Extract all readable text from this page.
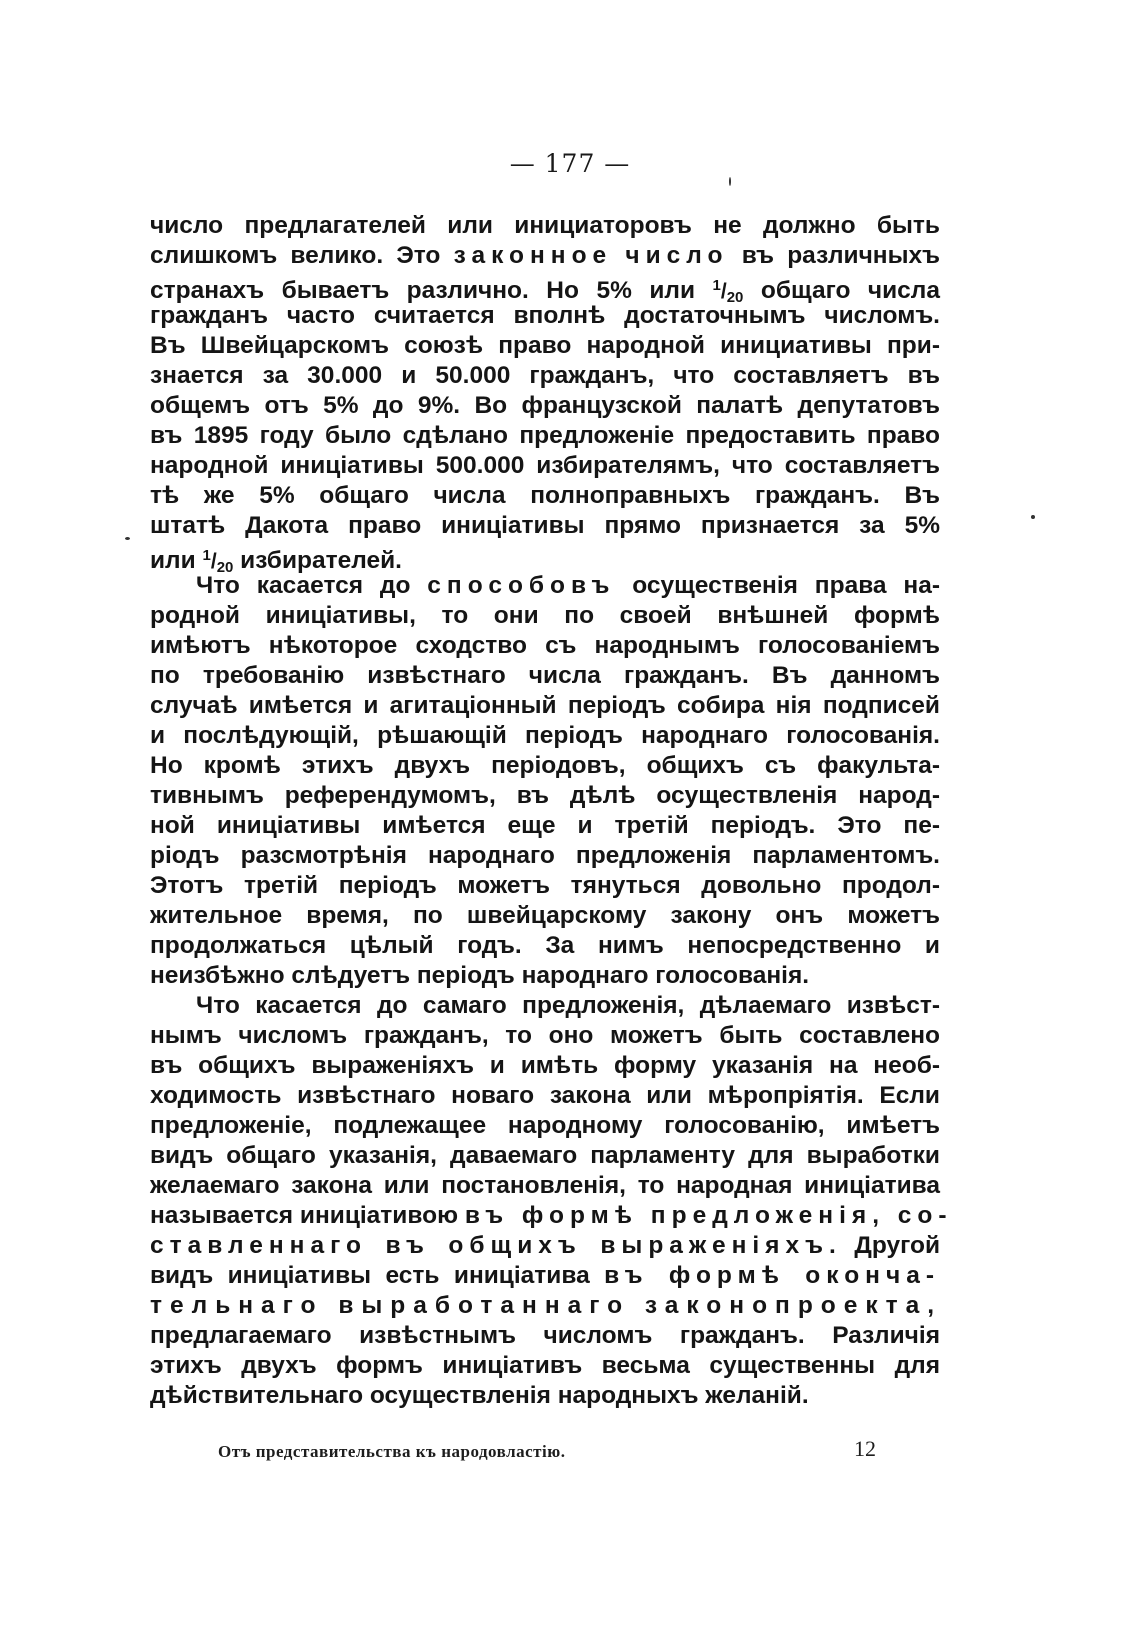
— 177 —
число предлагателей или инициаторовъ не должно быть
слишкомъ велико. Это законное число въ различныхъ
странахъ бываетъ различно. Но 5% или $^1/_{20}$ общаго числа
гражданъ часто считается вполнѣ достаточнымъ числомъ.
Въ Швейцарскомъ союзѣ право народной инициативы при-
знается за 30.000 и 50.000 гражданъ, что составляетъ въ
общемъ отъ 5% до 9%. Во французской палатѣ депутатовъ
въ 1895 году было сдѣлано предложеніе предоставить право
народной иниціативы 500.000 избирателямъ, что составляетъ
тѣ же 5% общаго числа полноправныхъ гражданъ. Въ
штатѣ Дакота право иниціативы прямо признается за 5%
или $^1/_{20}$ избирателей.
Что касается до способовъ осущественія права на-
родной иниціативы, то они по своей внѣшней формѣ
имѣютъ нѣкоторое сходство съ народнымъ голосованіемъ
по требованію извѣстнаго числа гражданъ. Въ данномъ
случаѣ имѣется и агитаціонный періодъ собира нія подписей
и послѣдующій, рѣшающій періодъ народнаго голосованія.
Но кромѣ этихъ двухъ періодовъ, общихъ съ факульта-
тивнымъ референдумомъ, въ дѣлѣ осуществленія народ-
ной иниціативы имѣется еще и третій періодъ. Это пе-
ріодъ разсмотрѣнія народнаго предложенія парламентомъ.
Этотъ третій періодъ можетъ тянуться довольно продол-
жительное время, по швейцарскому закону онъ можетъ
продолжаться цѣлый годъ. За нимъ непосредственно и
неизбѣжно слѣдуетъ періодъ народнаго голосованія.
Что касается до самаго предложенія, дѣлаемаго извѣст-
нымъ числомъ гражданъ, то оно можетъ быть составлено
въ общихъ выраженіяхъ и имѣть форму указанія на необ-
ходимость извѣстнаго новаго закона или мѣропріятія. Если
предложеніе, подлежащее народному голосованію, имѣетъ
видъ общаго указанія, даваемаго парламенту для выработки
желаемаго закона или постановленія, то народная иниціатива
называется иниціативою въ формѣ предложенія, со-
ставленнаго въ общихъ выраженіяхъ. Другой
видъ иниціативы есть иниціатива въ формѣ оконча-
тельнаго выработаннаго законопроекта,
предлагаемаго извѣстнымъ числомъ гражданъ. Различія
этихъ двухъ формъ иниціативъ весьма существенны для
дѣйствительнаго осуществленія народныхъ желаній.
Отъ представительства къ народовластію.	12
